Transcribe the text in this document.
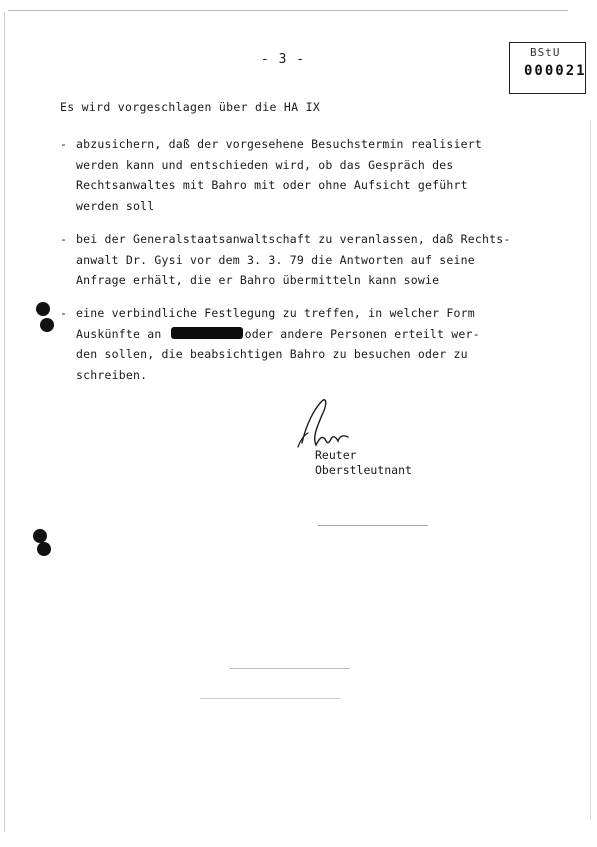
BStU
000021
- 3 -
Es wird vorgeschlagen über die HA IX
- abzusichern, daß der vorgesehene Besuchstermin realisiert
werden kann und entschieden wird, ob das Gespräch des
Rechtsanwaltes mit Bahro mit oder ohne Aufsicht geführt
werden soll
- bei der Generalstaatsanwaltschaft zu veranlassen, daß Rechts-
anwalt Dr. Gysi vor dem 3. 3. 79 die Antworten auf seine
Anfrage erhält, die er Bahro übermitteln kann sowie
- eine verbindliche Festlegung zu treffen, in welcher Form
Auskünfte an	oder andere Personen erteilt wer-
den sollen, die beabsichtigen Bahro zu besuchen oder zu
schreiben.
Reuter
Oberstleutnant
